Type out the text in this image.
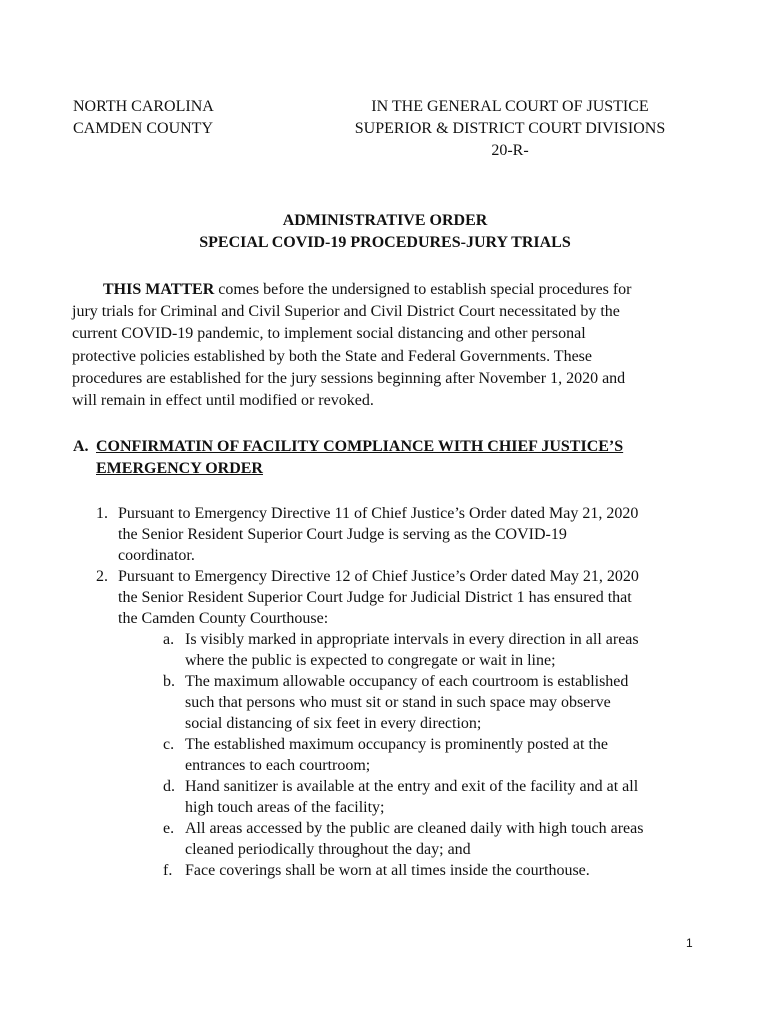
NORTH CAROLINA
CAMDEN COUNTY
IN THE GENERAL COURT OF JUSTICE
SUPERIOR & DISTRICT COURT DIVISIONS
20-R-
ADMINISTRATIVE ORDER
SPECIAL COVID-19 PROCEDURES-JURY TRIALS
THIS MATTER comes before the undersigned to establish special procedures for
jury trials for Criminal and Civil Superior and Civil District Court necessitated by the
current COVID-19 pandemic, to implement social distancing and other personal
protective policies established by both the State and Federal Governments. These
procedures are established for the jury sessions beginning after November 1, 2020 and
will remain in effect until modified or revoked.
A. CONFIRMATIN OF FACILITY COMPLIANCE WITH CHIEF JUSTICE’S
EMERGENCY ORDER
1. Pursuant to Emergency Directive 11 of Chief Justice’s Order dated May 21, 2020
the Senior Resident Superior Court Judge is serving as the COVID-19
coordinator.
2. Pursuant to Emergency Directive 12 of Chief Justice’s Order dated May 21, 2020
the Senior Resident Superior Court Judge for Judicial District 1 has ensured that
the Camden County Courthouse:
a. Is visibly marked in appropriate intervals in every direction in all areas
where the public is expected to congregate or wait in line;
b. The maximum allowable occupancy of each courtroom is established
such that persons who must sit or stand in such space may observe
social distancing of six feet in every direction;
c. The established maximum occupancy is prominently posted at the
entrances to each courtroom;
d. Hand sanitizer is available at the entry and exit of the facility and at all
high touch areas of the facility;
e. All areas accessed by the public are cleaned daily with high touch areas
cleaned periodically throughout the day; and
f. Face coverings shall be worn at all times inside the courthouse.
1
